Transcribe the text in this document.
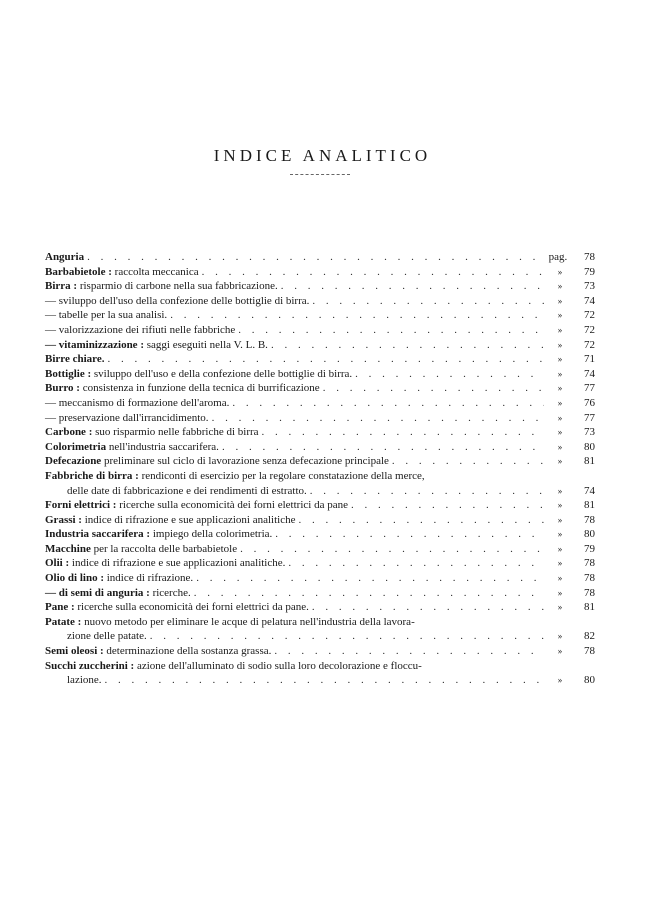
INDICE ANALITICO
Anguria . . .	pag.	78
Barbabietole : raccolta meccanica . . .	»	79
Birra : risparmio di carbone nella sua fabbricazione. . . .	»	73
— sviluppo dell'uso della confezione delle bottiglie di birra. . . .	»	74
— tabelle per la sua analisi. . . .	»	72
— valorizzazione dei rifiuti nelle fabbriche . . .	»	72
— vitaminizzazione : saggi eseguiti nella V. L. B. . . .	»	72
Birre chiare. . . .	»	71
Bottiglie : sviluppo dell'uso e della confezione delle bottiglie di birra. . . .	»	74
Burro : consistenza in funzione della tecnica di burrificazione . . .	»	77
— meccanismo di formazione dell'aroma. . . .	»	76
— preservazione dall'irrancidimento. . . .	»	77
Carbone : suo risparmio nelle fabbriche di birra . . .	»	73
Colorimetria nell'industria saccarifera. . . .	»	80
Defecazione preliminare sul ciclo di lavorazione senza defecazione principale . . .	»	81
Fabbriche di birra : rendiconti di esercizio per la regolare constatazione della merce,
delle date di fabbricazione e dei rendimenti di estratto. . . .	»	74
Forni elettrici : ricerche sulla economicità dei forni elettrici da pane . . .	»	81
Grassi : indice di rifrazione e sue applicazioni analitiche . . .	»	78
Industria saccarifera : impiego della colorimetria. . . .	»	80
Macchine per la raccolta delle barbabietole . . .	»	79
Olii : indice di rifrazione e sue applicazioni analitiche. . . .	»	78
Olio di lino : indice di rifrazione. . . .	»	78
— di semi di anguria : ricerche. . . .	»	78
Pane : ricerche sulla economicità dei forni elettrici da pane. . . .	»	81
Patate : nuovo metodo per eliminare le acque di pelatura nell'industria della lavora-
zione delle patate. . . .	»	82
Semi oleosi : determinazione della sostanza grassa. . . .	»	78
Succhi zuccherini : azione dell'alluminato di sodio sulla loro decolorazione e floccu-
lazione. . . .	»	80
